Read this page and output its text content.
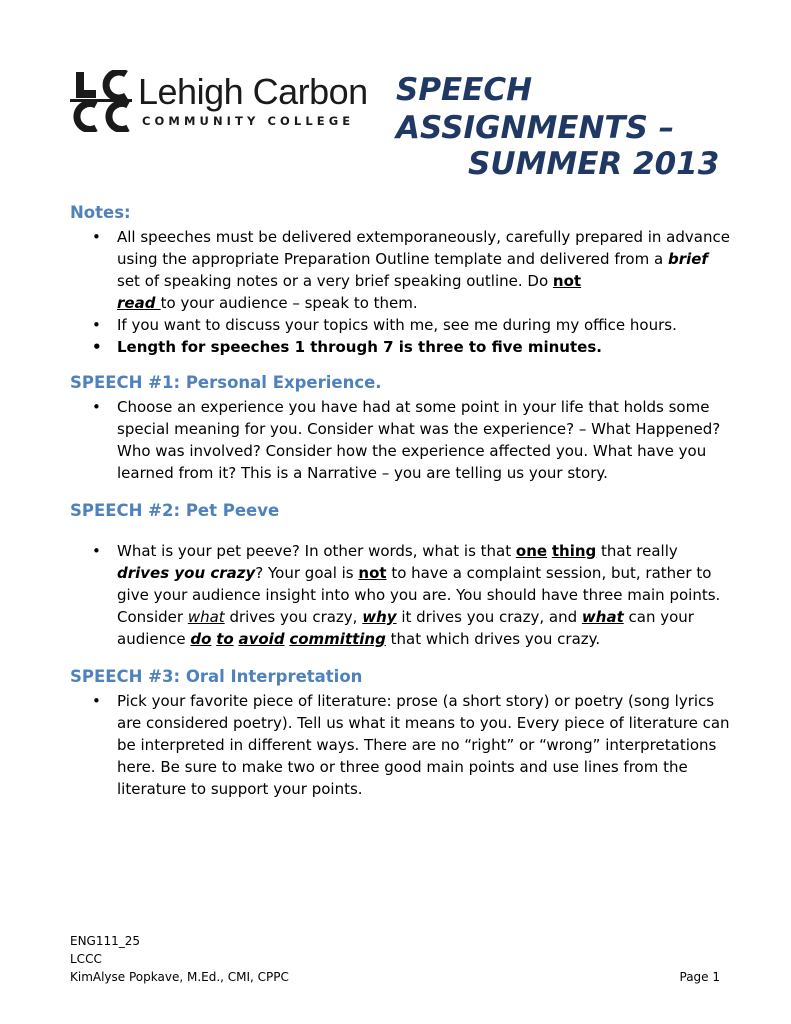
Lehigh Carbon
COMMUNITY COLLEGE
SPEECH
ASSIGNMENTS –
SUMMER 2013
Notes:
• All speeches must be delivered extemporaneously, carefully prepared in advance using the appropriate Preparation Outline template and delivered from a brief set of speaking notes or a very brief speaking outline. Do not
read to your audience – speak to them.
• If you want to discuss your topics with me, see me during my office hours.
• Length for speeches 1 through 7 is three to five minutes.
SPEECH #1: Personal Experience.
• Choose an experience you have had at some point in your life that holds some special meaning for you. Consider what was the experience? – What Happened? Who was involved? Consider how the experience affected you. What have you learned from it? This is a Narrative – you are telling us your story.
SPEECH #2: Pet Peeve
• What is your pet peeve? In other words, what is that one thing that really
drives you crazy? Your goal is not to have a complaint session, but, rather to give your audience insight into who you are. You should have three main points. Consider what drives you crazy, why it drives you crazy, and what can your audience do to avoid committing that which drives you crazy.
SPEECH #3: Oral Interpretation
• Pick your favorite piece of literature: prose (a short story) or poetry (song lyrics are considered poetry). Tell us what it means to you. Every piece of literature can be interpreted in different ways. There are no “right” or “wrong” interpretations here. Be sure to make two or three good main points and use lines from the literature to support your points.
ENG111_25
LCCC
KimAlyse Popkave, M.Ed., CMI, CPPC	Page 1
